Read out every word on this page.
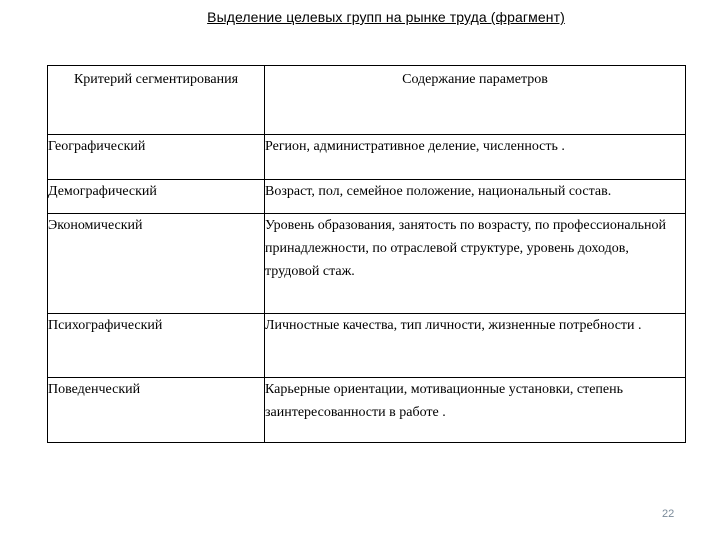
Выделение целевых групп на рынке труда (фрагмент)
Критерий сегментирования	Содержание параметров
Географический	Регион, административное деление, численность .
Демографический	Возраст, пол, семейное положение, национальный состав.
Экономический	Уровень образования, занятость по возрасту, по профессиональной принадлежности, по отраслевой структуре, уровень доходов, трудовой стаж.
Психографический	Личностные качества, тип личности, жизненные потребности .
Поведенческий	Карьерные ориентации, мотивационные установки, степень заинтересованности в работе .
22
